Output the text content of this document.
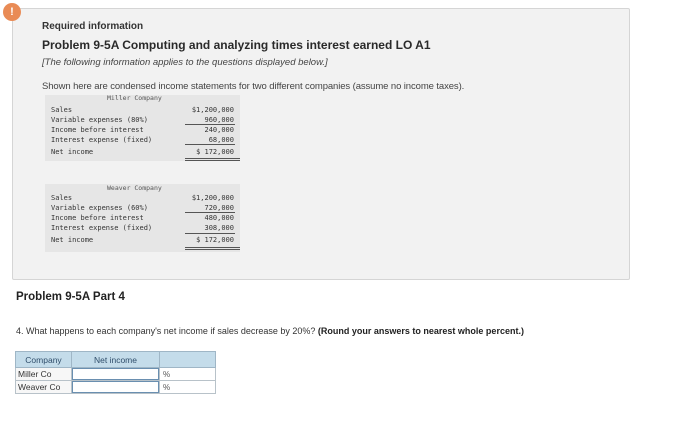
!
Required information
Problem 9-5A Computing and analyzing times interest earned LO A1
[The following information applies to the questions displayed below.]
Shown here are condensed income statements for two different companies (assume no income taxes).
Miller Company
Sales	$1,200,000
Variable expenses (80%)	960,000
Income before interest	240,000
Interest expense (fixed)	68,000
Net income	$ 172,000
Weaver Company
Sales	$1,200,000
Variable expenses (60%)	720,000
Income before interest	480,000
Interest expense (fixed)	308,000
Net income	$ 172,000
Problem 9-5A Part 4
4. What happens to each company's net income if sales decrease by 20%? (Round your answers to nearest whole percent.)
Company	Net income	
Miller Co		%
Weaver Co		%
